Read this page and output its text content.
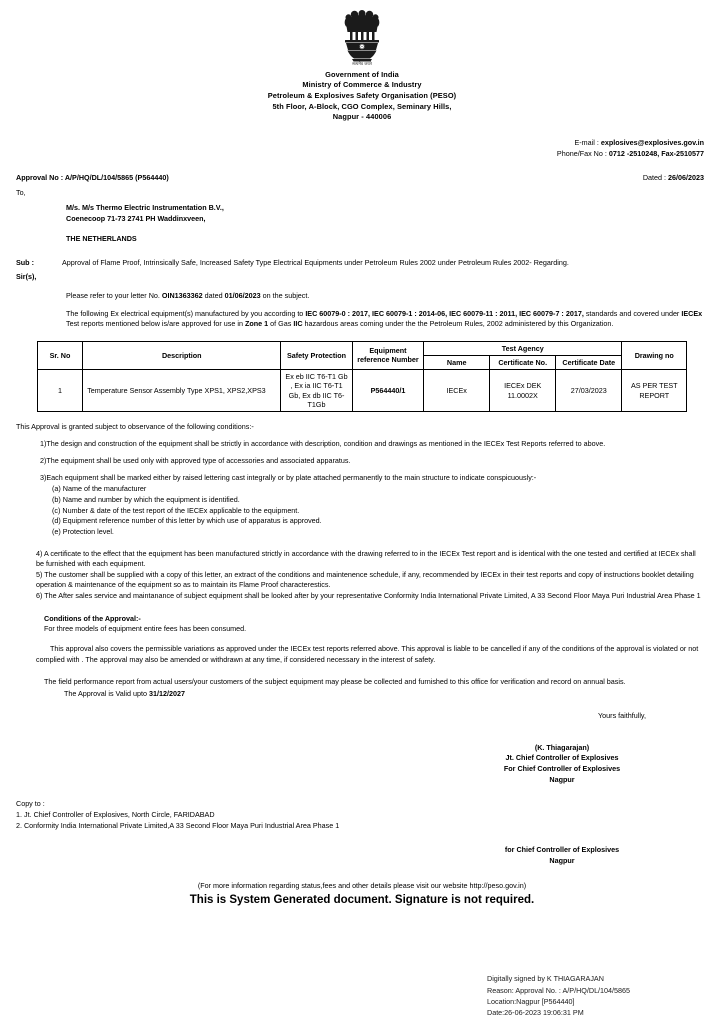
सत्यमेव जयते
Government of India
Ministry of Commerce & Industry
Petroleum & Explosives Safety Organisation (PESO)
5th Floor, A-Block, CGO Complex, Seminary Hills,
Nagpur - 440006
E-mail : explosives@explosives.gov.in
Phone/Fax No : 0712 -2510248, Fax-2510577
Approval No : A/P/HQ/DL/104/5865 (P564440)	Dated : 26/06/2023
To,
M/s. M/s Thermo Electric Instrumentation B.V.,
Coenecoop 71-73 2741 PH Waddinxveen,
THE NETHERLANDS
Sub :	Approval of Flame Proof, Intrinsically Safe, Increased Safety Type Electrical Equipments under Petroleum Rules 2002 under Petroleum Rules 2002- Regarding.
Sir(s),
Please refer to your letter No. OIN1363362 dated 01/06/2023 on the subject.
The following Ex electrical equipment(s) manufactured by you according to IEC 60079-0 : 2017, IEC 60079-1 : 2014-06, IEC 60079-11 : 2011, IEC 60079-7 : 2017, standards and covered under IECEx Test reports mentioned below is/are approved for use in Zone 1 of Gas IIC hazardous areas coming under the the Petroleum Rules, 2002 administered by this Organization.
Sr. No	Description	Safety Protection	Equipment reference Number	Test Agency			Drawing no
				Name	Certificate No.	Certificate Date	
1	Temperature Sensor Assembly Type XPS1, XPS2,XPS3	Ex eb IIC T6-T1 Gb , Ex ia IIC T6-T1 Gb, Ex db IIC T6-T1Gb	P564440/1	IECEx	IECEx DEK 11.0002X	27/03/2023	AS PER TEST REPORT
This Approval is granted subject to observance of the following conditions:-
1)The design and construction of the equipment shall be strictly in accordance with description, condition and drawings as mentioned in the IECEx Test Reports referred to above.
2)The equipment shall be used only with approved type of accessories and associated apparatus.
3)Each equipment shall be marked either by raised lettering cast integrally or by plate attached permanently to the main structure to indicate conspicuously:-
(a) Name of the manufacturer
(b) Name and number by which the equipment is identified.
(c) Number & date of the test report of the IECEx applicable to the equipment.
(d) Equipment reference number of this letter by which use of apparatus is approved.
(e) Protection level.
4) A certificate to the effect that the equipment has been manufactured strictly in accordance with the drawing referred to in the IECEx Test report and is identical with the one tested and certified at IECEx shall be furnished with each equipment.
5) The customer shall be supplied with a copy of this letter, an extract of the conditions and maintenence schedule, if any, recommended by IECEx in their test reports and copy of instructions booklet detailing operation & maintenance of the equipment so as to maintain its Flame Proof characterestics.
6) The After sales service and maintanance of subject equipment shall be looked after by your representative Conformity India International Private Limited, A 33 Second Floor Maya Puri Industrial Area Phase 1
Conditions of the Approval:-
For three models of equipment entire fees has been consumed.
This approval also covers the permissible variations as approved under the IECEx test reports referred above. This approval is liable to be cancelled if any of the conditions of the approval is violated or not complied with . The approval may also be amended or withdrawn at any time, if considered necessary in the interest of safety.
The field performance report from actual users/your customers of the subject equipment may please be collected and furnished to this office for verification and record on annual basis.
The Approval is Valid upto 31/12/2027
Yours faithfully,
(K. Thiagarajan)
Jt. Chief Controller of Explosives
For Chief Controller of Explosives
Nagpur
Copy to :
1. Jt. Chief Controller of Explosives, North Circle, FARIDABAD
2. Conformity India International Private Limited,A 33 Second Floor Maya Puri Industrial Area Phase 1
for Chief Controller of Explosives
Nagpur
(For more information regarding status,fees and other details please visit our website http://peso.gov.in)
This is System Generated document. Signature is not required.
Digitally signed by K THIAGARAJAN
Reason: Approval No. : A/P/HQ/DL/104/5865
Location:Nagpur [P564440]
Date:26-06-2023 19:06:31 PM
